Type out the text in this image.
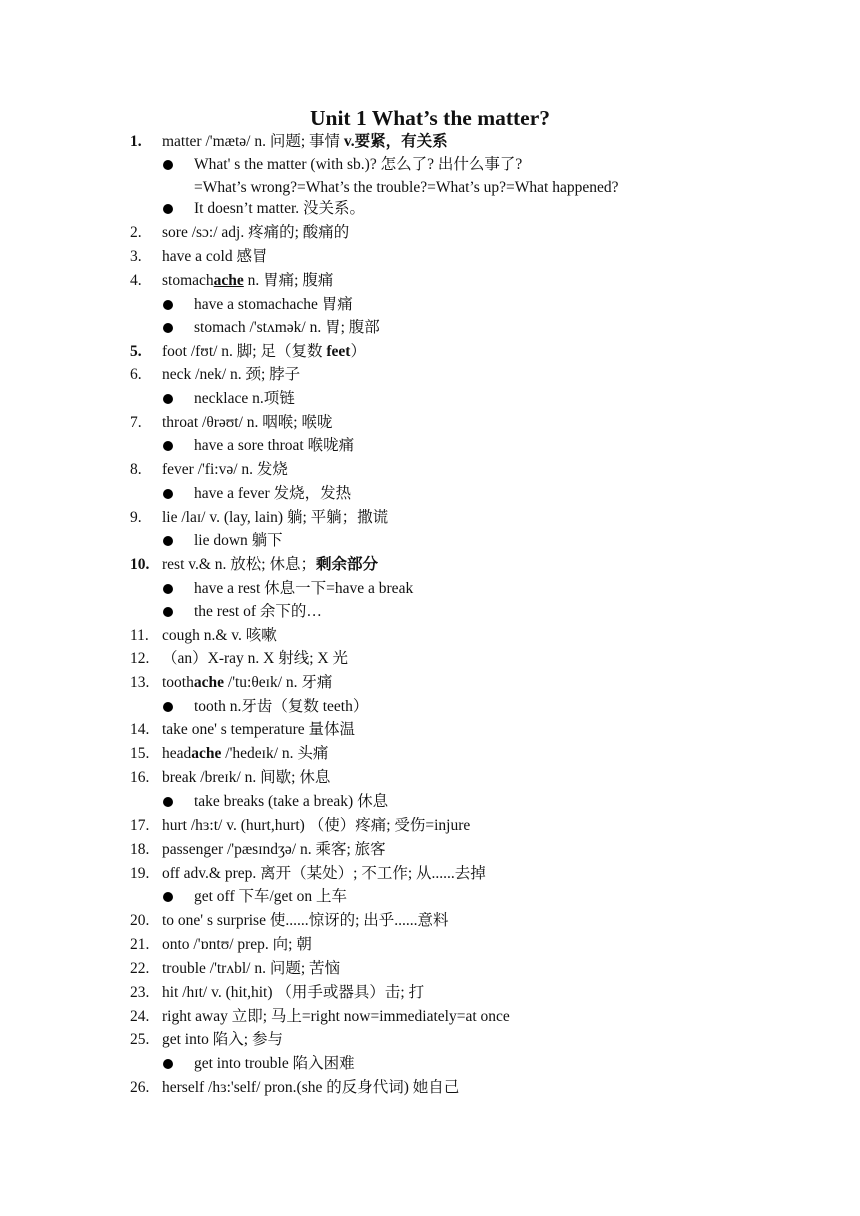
Unit 1 What’s the matter?
1. matter /'mætə/ n. 问题; 事情 v.要紧，有关系
What' s the matter (with sb.)? 怎么了? 出什么事了?
=What’s wrong?=What’s the trouble?=What’s up?=What happened?
It doesn’t matter. 没关系。
2. sore /sɔ:/ adj. 疼痛的; 酸痛的
3. have a cold 感冒
4. stomachache n. 胃痛; 腹痛
have a stomachache 胃痛
stomach /'stʌmək/ n. 胃; 腹部
5. foot /fʊt/ n. 脚; 足（复数 feet）
6. neck /nek/ n. 颈; 脖子
necklace n.项链
7. throat /θrəʊt/ n. 咽喉; 喉咙
have a sore throat 喉咙痛
8. fever /'fi:və/ n. 发烧
have a fever 发烧，发热
9. lie /laɪ/ v. (lay, lain) 躺; 平躺；撒谎
lie down 躺下
10. rest v.& n. 放松; 休息；剩余部分
have a rest 休息一下=have a break
the rest of 余下的…
11. cough n.& v. 咳嗽
12. （an）X-ray n. X 射线; X 光
13. toothache /'tu:θeɪk/ n. 牙痛
tooth n.牙齿（复数 teeth）
14. take one' s temperature 量体温
15. headache /'hedeɪk/ n. 头痛
16. break /breɪk/ n. 间歇; 休息
take breaks (take a break) 休息
17. hurt /hɜ:t/ v. (hurt,hurt) （使）疼痛; 受伤=injure
18. passenger /'pæsɪndʒə/ n. 乘客; 旅客
19. off adv.& prep. 离开（某处）; 不工作; 从......去掉
get off 下车/get on 上车
20. to one' s surprise 使......惊讶的; 出乎......意料
21. onto /'ɒntʊ/ prep. 向; 朝
22. trouble /'trʌbl/ n. 问题; 苦恼
23. hit /hɪt/ v. (hit,hit) （用手或器具）击; 打
24. right away 立即; 马上=right now=immediately=at once
25. get into 陷入; 参与
get into trouble 陷入困难
26. herself /hɜ:'self/ pron.(she 的反身代词) 她自己
